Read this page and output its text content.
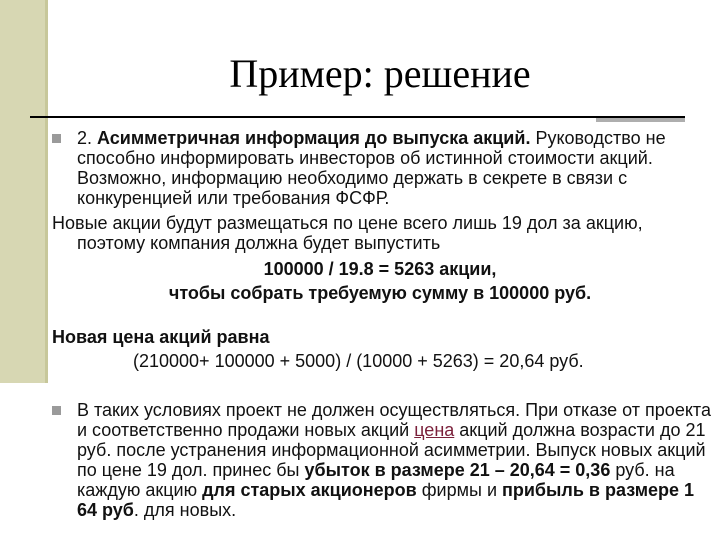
Пример: решение
2. Асимметричная информация до выпуска акций. Руководство не способно информировать инвесторов об истинной стоимости акций. Возможно, информацию необходимо держать в секрете в связи с конкуренцией или требования ФСФР.
Новые акции будут размещаться по цене всего лишь 19 дол за акцию,
поэтому компания должна будет выпустить
100000 / 19.8 = 5263 акции,
чтобы собрать требуемую сумму в 100000 руб.
Новая цена акций равна
(210000+ 100000 + 5000) / (10000 + 5263) = 20,64 руб.
В таких условиях проект не должен осуществляться. При отказе от проекта и соответственно продажи новых акций цена акций должна возрасти до 21 руб. после устранения информационной асимметрии. Выпуск новых акций по цене 19 дол. принес бы убыток в размере 21 – 20,64 = 0,36 руб. на каждую акцию для старых акционеров фирмы и прибыль в размере 1 64 руб. для новых.
